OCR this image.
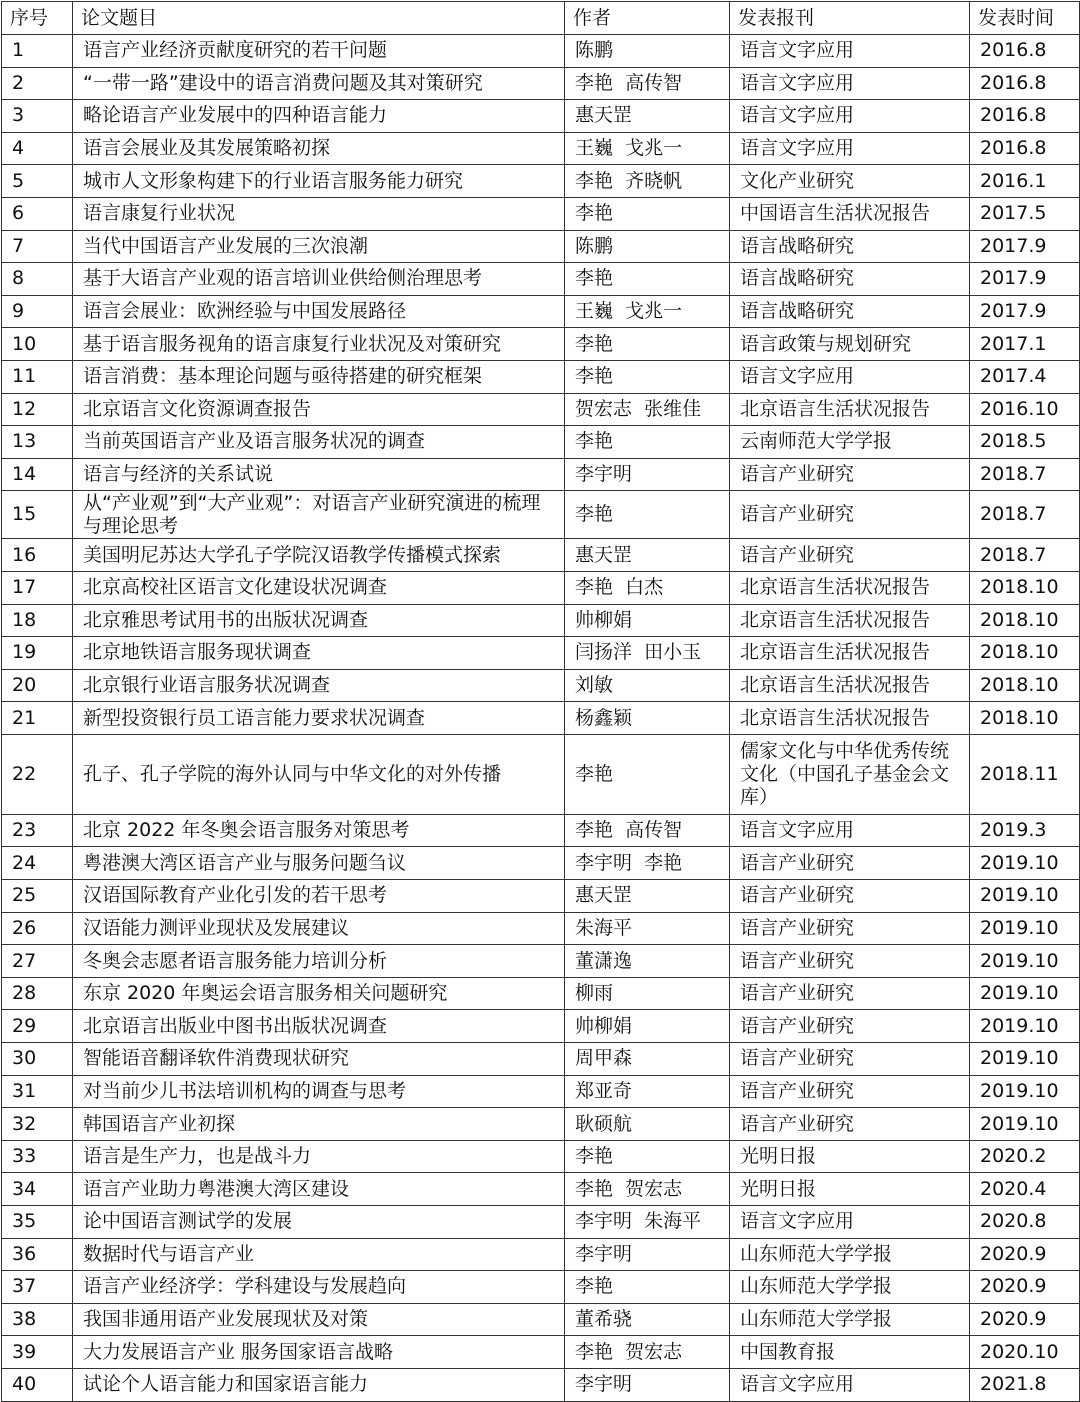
序号	论文题目	作者	发表报刊	发表时间
1	语言产业经济贡献度研究的若干问题	陈鹏	语言文字应用	2016.8
2	“一带一路”建设中的语言消费问题及其对策研究	李艳  高传智	语言文字应用	2016.8
3	略论语言产业发展中的四种语言能力	惠天罡	语言文字应用	2016.8
4	语言会展业及其发展策略初探	王巍  戈兆一	语言文字应用	2016.8
5	城市人文形象构建下的行业语言服务能力研究	李艳  齐晓帆	文化产业研究	2016.1
6	语言康复行业状况	李艳	中国语言生活状况报告	2017.5
7	当代中国语言产业发展的三次浪潮	陈鹏	语言战略研究	2017.9
8	基于大语言产业观的语言培训业供给侧治理思考	李艳	语言战略研究	2017.9
9	语言会展业：欧洲经验与中国发展路径	王巍  戈兆一	语言战略研究	2017.9
10	基于语言服务视角的语言康复行业状况及对策研究	李艳	语言政策与规划研究	2017.1
11	语言消费：基本理论问题与亟待搭建的研究框架	李艳	语言文字应用	2017.4
12	北京语言文化资源调查报告	贺宏志  张维佳	北京语言生活状况报告	2016.10
13	当前英国语言产业及语言服务状况的调查	李艳	云南师范大学学报	2018.5
14	语言与经济的关系试说	李宇明	语言产业研究	2018.7
15	从“产业观”到“大产业观”：对语言产业研究演进的梳理与理论思考	李艳	语言产业研究	2018.7
16	美国明尼苏达大学孔子学院汉语教学传播模式探索	惠天罡	语言产业研究	2018.7
17	北京高校社区语言文化建设状况调查	李艳  白杰	北京语言生活状况报告	2018.10
18	北京雅思考试用书的出版状况调查	帅柳娟	北京语言生活状况报告	2018.10
19	北京地铁语言服务现状调查	闫扬洋  田小玉	北京语言生活状况报告	2018.10
20	北京银行业语言服务状况调查	刘敏	北京语言生活状况报告	2018.10
21	新型投资银行员工语言能力要求状况调查	杨鑫颖	北京语言生活状况报告	2018.10
22	孔子、孔子学院的海外认同与中华文化的对外传播	李艳	儒家文化与中华优秀传统文化（中国孔子基金会文库）	2018.11
23	北京 2022 年冬奥会语言服务对策思考	李艳  高传智	语言文字应用	2019.3
24	粤港澳大湾区语言产业与服务问题刍议	李宇明  李艳	语言产业研究	2019.10
25	汉语国际教育产业化引发的若干思考	惠天罡	语言产业研究	2019.10
26	汉语能力测评业现状及发展建议	朱海平	语言产业研究	2019.10
27	冬奥会志愿者语言服务能力培训分析	董潇逸	语言产业研究	2019.10
28	东京 2020 年奥运会语言服务相关问题研究	柳雨	语言产业研究	2019.10
29	北京语言出版业中图书出版状况调查	帅柳娟	语言产业研究	2019.10
30	智能语音翻译软件消费现状研究	周甲森	语言产业研究	2019.10
31	对当前少儿书法培训机构的调查与思考	郑亚奇	语言产业研究	2019.10
32	韩国语言产业初探	耿硕航	语言产业研究	2019.10
33	语言是生产力，也是战斗力	李艳	光明日报	2020.2
34	语言产业助力粤港澳大湾区建设	李艳  贺宏志	光明日报	2020.4
35	论中国语言测试学的发展	李宇明  朱海平	语言文字应用	2020.8
36	数据时代与语言产业	李宇明	山东师范大学学报	2020.9
37	语言产业经济学：学科建设与发展趋向	李艳	山东师范大学学报	2020.9
38	我国非通用语产业发展现状及对策	董希骁	山东师范大学学报	2020.9
39	大力发展语言产业 服务国家语言战略	李艳  贺宏志	中国教育报	2020.10
40	试论个人语言能力和国家语言能力	李宇明	语言文字应用	2021.8
